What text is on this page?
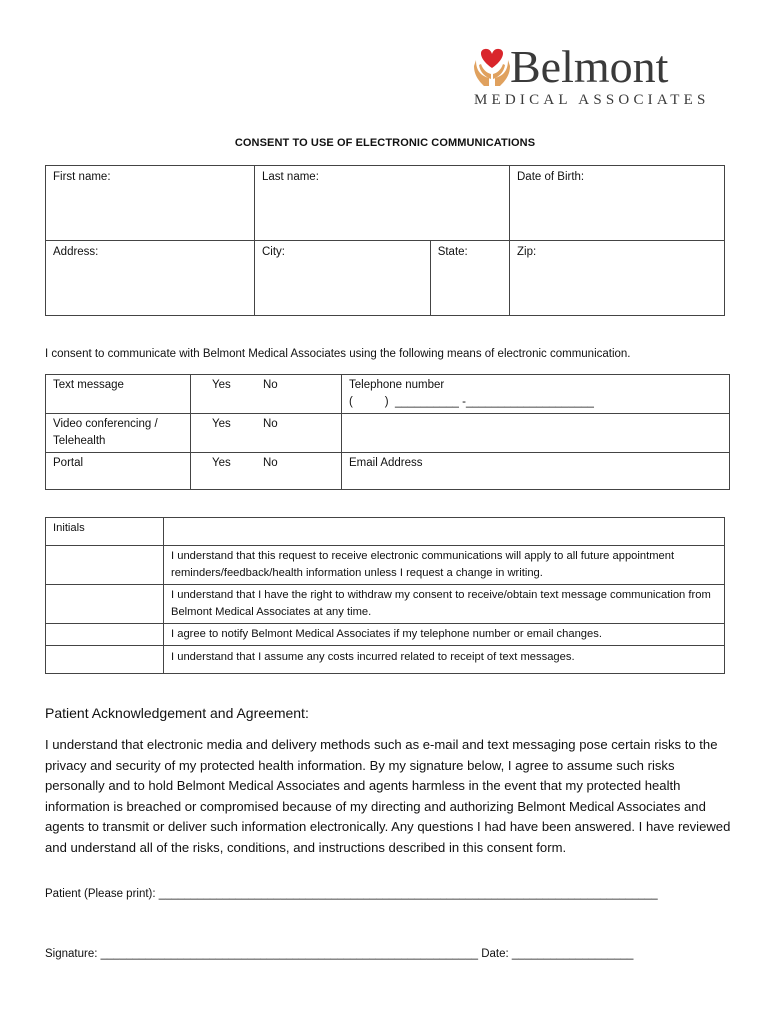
Belmont
MEDICAL ASSOCIATES
CONSENT TO USE OF ELECTRONIC COMMUNICATIONS
First name:	Last name:		Date of Birth:
Address:	City:	State:	Zip:
I consent to communicate with Belmont Medical Associates using the following means of electronic communication.
Text message	Yes No	Telephone number
(          )  __________ -____________________

Video conferencing / Telehealth	Yes No	
Portal	Yes No	Email Address
Initials	
	I understand that this request to receive electronic communications will apply to all future appointment reminders/feedback/health information unless I request a change in writing.
	I understand that I have the right to withdraw my consent to receive/obtain text message communication from Belmont Medical Associates at any time.
	I agree to notify Belmont Medical Associates if my telephone number or email changes.
	I understand that I assume any costs incurred related to receipt of text messages.
Patient Acknowledgement and Agreement:
I understand that electronic media and delivery methods such as e-mail and text messaging pose certain risks to the privacy and security of my protected health information. By my signature below, I agree to assume such risks personally and to hold Belmont Medical Associates and agents harmless in the event that my protected health information is breached or compromised because of my directing and authorizing Belmont Medical Associates and agents to transmit or deliver such information electronically. Any questions I had have been answered. I have reviewed and understand all of the risks, conditions, and instructions described in this consent form.
Patient (Please print): ______________________________________________________________________________
Signature: ___________________________________________________________ Date: ___________________
